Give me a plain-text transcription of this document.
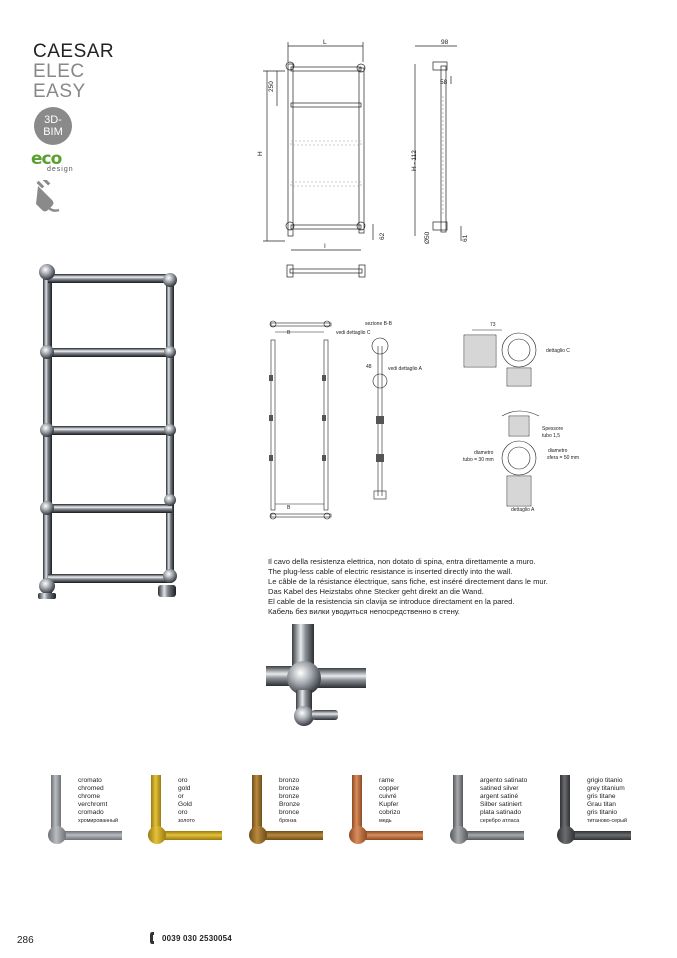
CAESAR
ELEC
EASY
3D-
BIM
eco
design
L
H
250
I
62
98
58
H - 112
Ø50	61
B
B
sezione B-B
vedi dettaglio C
48	vedi dettaglio A
73
dettaglio C
Spessore
tubo 1,5
diametro
tubo = 30 mm
diametro
sfera = 50 mm
dettaglio A
Il cavo della resistenza elettrica, non dotato di spina, entra direttamente a muro.
The plug-less cable of electric resistance is inserted directly into the wall.
Le câble de la résistance électrique, sans fiche, est inséré directement dans le mur.
Das Kabel des Heizstabs ohne Stecker geht direkt an die Wand.
El cable de la resistencia sin clavija se introduce directament en la pared.
Кабель без вилки уводиться непосредственно в стену.
cromato
chromed
chrome
verchromt
cromado
хромированный
oro
gold
or
Gold
oro
золото
bronzo
bronze
bronze
Bronze
bronce
бронза
rame
copper
cuivré
Kupfer
cobrizo
медь
argento satinato
satined silver
argent satiné
Silber satiniert
plata satinado
серебро атласа
grigio titanio
grey titanium
gris titane
Grau titan
gris titanio
титаново-серый
286	0039 030 2530054
